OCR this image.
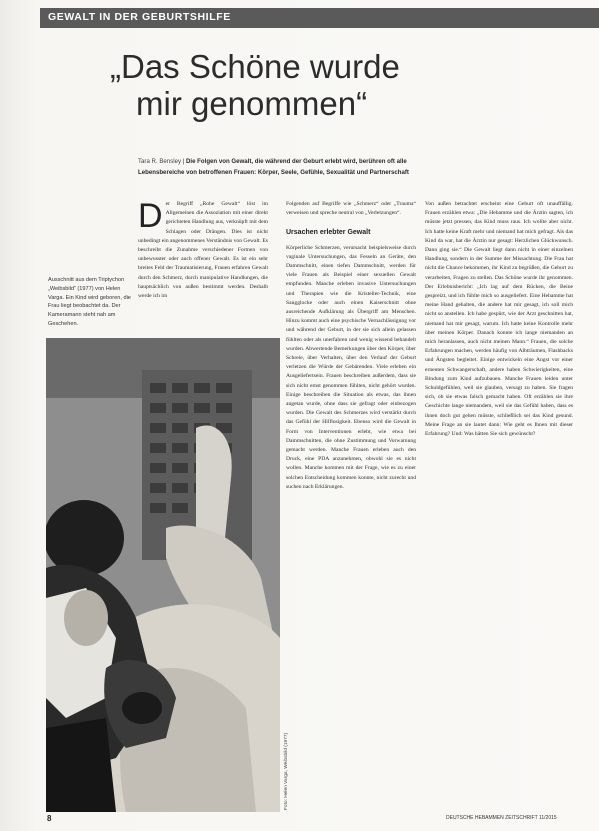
GEWALT IN DER GEBURTSHILFE
„Das Schöne wurde
mir genommen“
Tara R. Bensley | Die Folgen von Gewalt, die während der Geburt erlebt wird, berühren oft alle
Lebensbereiche von betroffenen Frauen: Körper, Seele, Gefühle, Sexualität und Partnerschaft
D er Begriff „Rohe Gewalt“ löst im Allgemeinen die Assoziation mit einer direkt gerichteten Handlung aus, verknüpft mit dem Schlagen oder Drängen. Dies ist nicht unbedingt ein angenommenes Verständnis von Gewalt. Es beschreibt die Zunahme verschiedener Formen von unbewusster oder auch offener Gewalt. Es ist ein sehr breites Feld der Traumatisierung, Frauen erfahren Gewalt durch den Schmerz, durch manipulative Handlungen, die hauptsächlich von außen bestimmt werden. Deshalb werde ich im
Folgenden auf Begriffe wie „Schmerz“ oder „Trauma“ verweisen und spreche neutral von „Verletzungen“.
Ursachen erlebter Gewalt
Körperliche Schmerzen, verursacht beispielsweise durch vaginale Untersuchungen, das Fesseln an Geräte, den Dammschnitt, einen tiefen Dammschnitt, werden für viele Frauen als Beispiel einer sexuellen Gewalt empfunden. Manche erleben invasive Untersuchungen und Therapien wie die Kristeller-Technik, eine Saugglocke oder auch einen Kaiserschnitt ohne ausreichende Aufklärung als Übergriff am Menschen. Hinzu kommt auch eine psychische Vernachlässigung vor und während der Geburt, in der sie sich allein gelassen fühlten oder als unerfahren und wenig wissend behandelt wurden. Abwertende Bemerkungen über den Körper, über Schreie, über Verhalten, über den Verlauf der Geburt verletzen die Würde der Gebärenden. Viele erleben ein Ausgeliefertsein. Frauen beschreiben außerdem, dass sie sich nicht ernst genommen fühlten, nicht gehört wurden. Einige beschreiben die Situation als etwas, das ihnen angetan wurde, ohne dass sie gefragt oder einbezogen wurden. Die Gewalt des Schmerzes wird verstärkt durch das Gefühl der Hilflosigkeit. Ebenso wird die Gewalt in Form von Interventionen erlebt, wie etwa bei Dammschnitten, die ohne Zustimmung und Vorwarnung gemacht werden. Manche Frauen erleben auch den Druck, eine PDA anzunehmen, obwohl sie es nicht wollen. Manche kommen mit der Frage, wie es zu einer solchen Entscheidung kommen konnte, nicht zurecht und suchen nach Erklärungen.
Von außen betrachtet erscheint eine Geburt oft unauffällig. Frauen erzählen etwa: „Die Hebamme und die Ärztin sagten, ich müsste jetzt pressen, das Kind muss raus. Ich wollte aber nicht. Ich hatte keine Kraft mehr und niemand hat mich gefragt. Als das Kind da war, hat die Ärztin nur gesagt: Herzlichen Glückwunsch. Dann ging sie.“ Die Gewalt liegt dann nicht in einer einzelnen Handlung, sondern in der Summe der Missachtung. Die Frau hat nicht die Chance bekommen, ihr Kind zu begrüßen, die Geburt zu verarbeiten, Fragen zu stellen. Das Schöne wurde ihr genommen. Der Erlebnisbericht: „Ich lag auf dem Rücken, die Beine gespreizt, und ich fühlte mich so ausgeliefert. Eine Hebamme hat meine Hand gehalten, die andere hat mir gesagt, ich soll mich nicht so anstellen. Ich habe gespürt, wie der Arzt geschnitten hat, niemand hat mir gesagt, warum. Ich hatte keine Kontrolle mehr über meinen Körper. Danach konnte ich lange niemanden an mich heranlassen, auch nicht meinen Mann.“ Frauen, die solche Erfahrungen machen, werden häufig von Albträumen, Flashbacks und Ängsten begleitet. Einige entwickeln eine Angst vor einer erneuten Schwangerschaft, andere haben Schwierigkeiten, eine Bindung zum Kind aufzubauen. Manche Frauen leiden unter Schuldgefühlen, weil sie glauben, versagt zu haben. Sie fragen sich, ob sie etwas falsch gemacht haben. Oft erzählen sie ihre Geschichte lange niemandem, weil sie das Gefühl haben, dass es ihnen doch gut gehen müsste, schließlich sei das Kind gesund. Meine Frage an sie lautet dann: Wie geht es Ihnen mit dieser Erfahrung? Und: Was hätten Sie sich gewünscht?
Ausschnitt aus dem Triptychon „Weibsbild“ (1977) von Helen Varga. Ein Kind wird geboren, die Frau liegt beobachtet da. Der Kameramann steht nah am Geschehen.
Foto: Helen Varga, Weibsbild (1977)
8	DEUTSCHE HEBAMMEN ZEITSCHRIFT 11/2015
